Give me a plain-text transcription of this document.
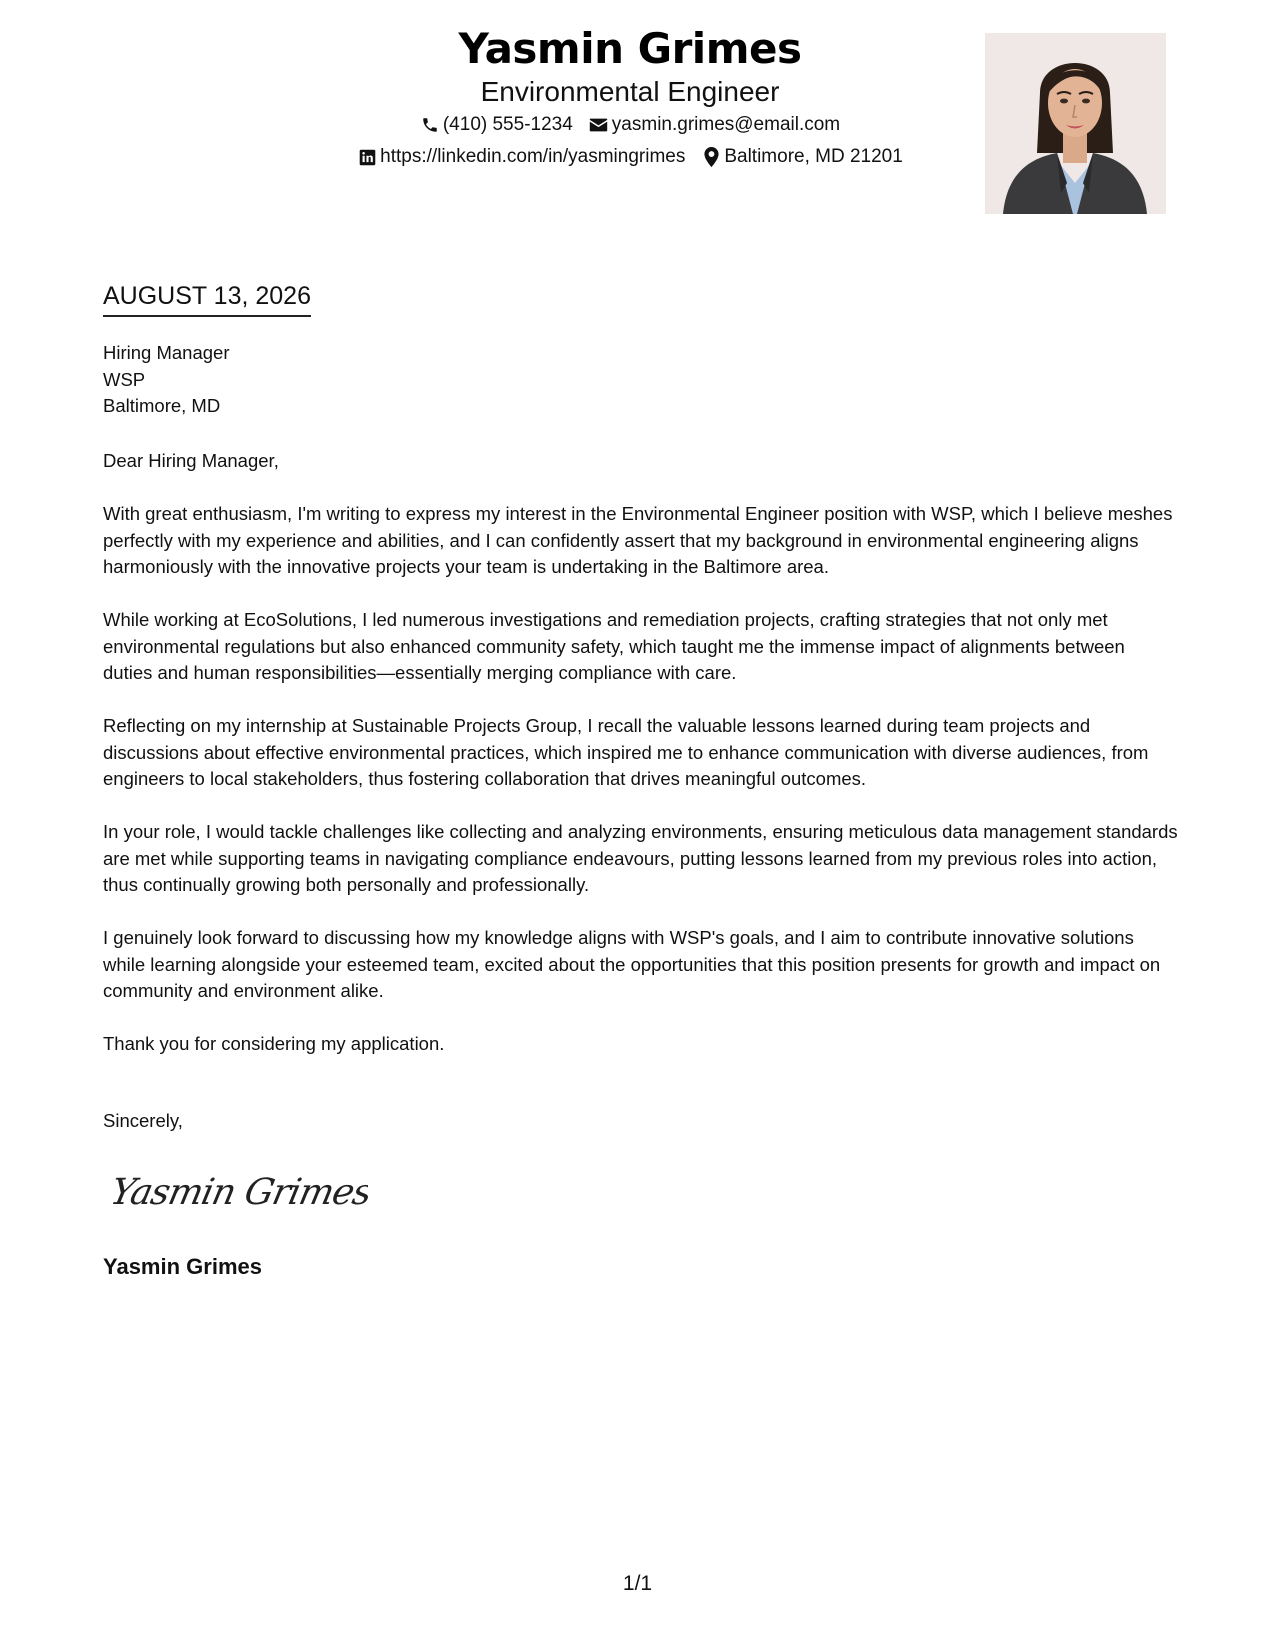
Yasmin Grimes
Environmental Engineer
(410) 555-1234 yasmin.grimes@email.com
https://linkedin.com/in/yasmingrimes Baltimore, MD 21201
AUGUST 13, 2026
Hiring Manager
WSP
Baltimore, MD

Dear Hiring Manager,

With great enthusiasm, I'm writing to express my interest in the Environmental Engineer position with WSP, which I believe meshes perfectly with my experience and abilities, and I can confidently assert that my background in environmental engineering aligns harmoniously with the innovative projects your team is undertaking in the Baltimore area.

While working at EcoSolutions, I led numerous investigations and remediation projects, crafting strategies that not only met environmental regulations but also enhanced community safety, which taught me the immense impact of alignments between duties and human responsibilities—essentially merging compliance with care.

Reflecting on my internship at Sustainable Projects Group, I recall the valuable lessons learned during team projects and discussions about effective environmental practices, which inspired me to enhance communication with diverse audiences, from engineers to local stakeholders, thus fostering collaboration that drives meaningful outcomes.

In your role, I would tackle challenges like collecting and analyzing environments, ensuring meticulous data management standards are met while supporting teams in navigating compliance endeavours, putting lessons learned from my previous roles into action, thus continually growing both personally and professionally.

I genuinely look forward to discussing how my knowledge aligns with WSP's goals, and I aim to contribute innovative solutions while learning alongside your esteemed team, excited about the opportunities that this position presents for growth and impact on community and environment alike.

Thank you for considering my application.

Sincerely,
Yasmin Grimes
Yasmin Grimes
1/1
